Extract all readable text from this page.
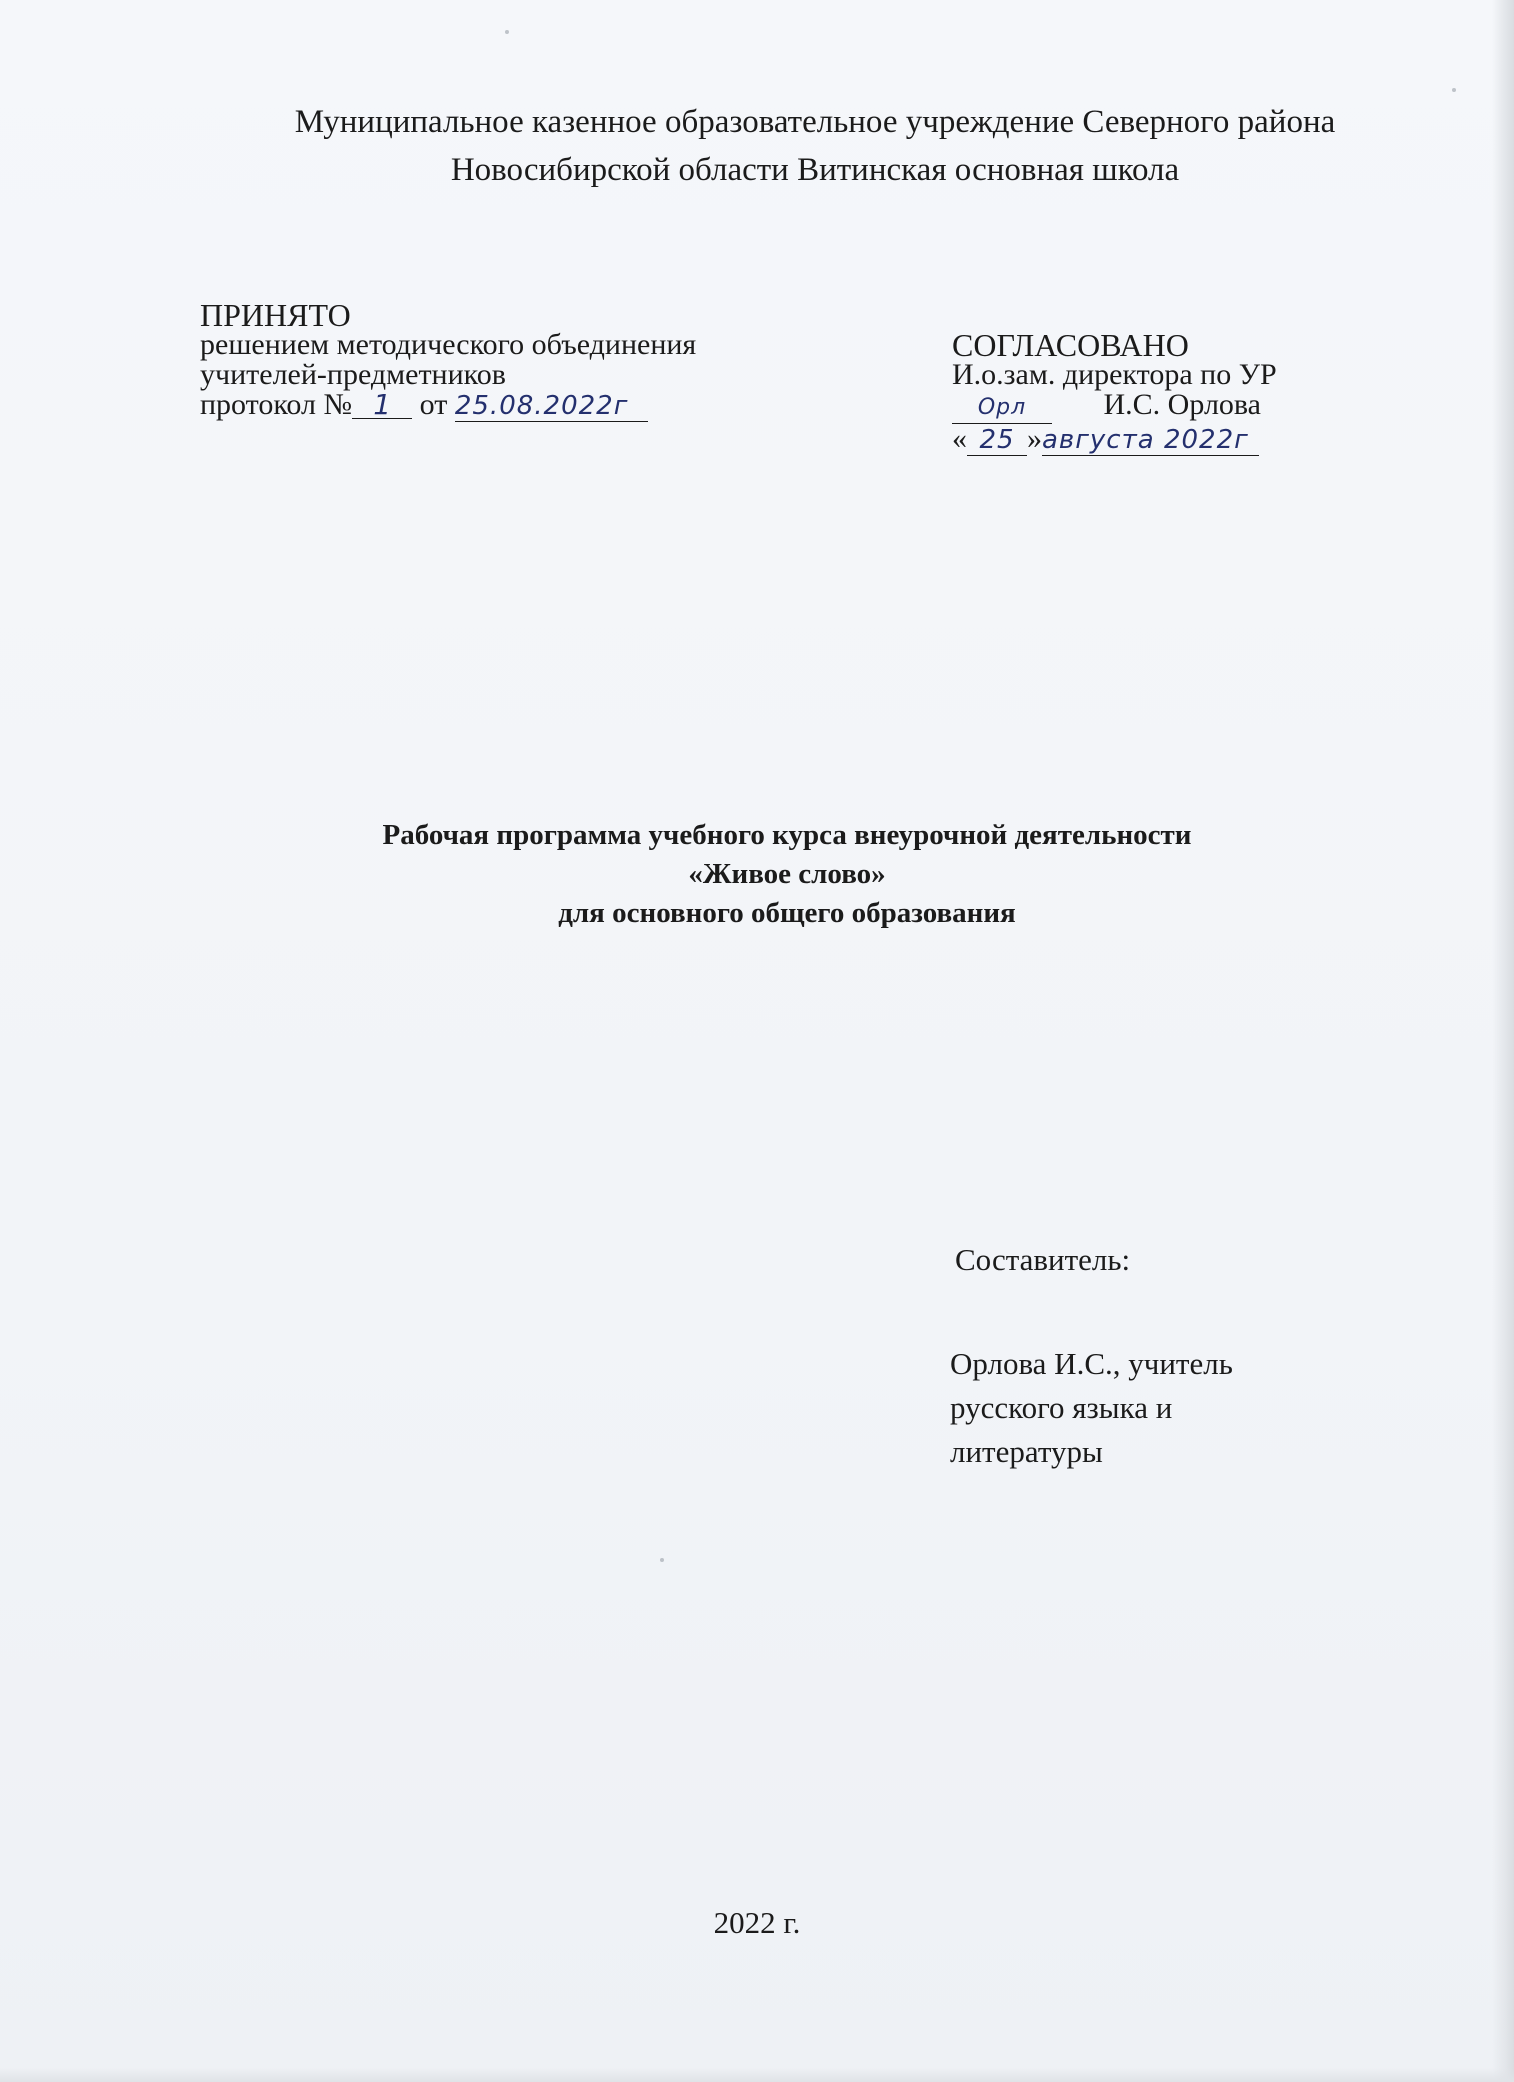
Муниципальное казенное образовательное учреждение Северного района
Новосибирской области Витинская основная школа
ПРИНЯТО
решением методического объединения
учителей-предметников
протокол № 1 от 25.08.2022г
СОГЛАСОВАНО
И.о.зам. директора по УР
Орл	И.С. Орлова
« 25 »августа 2022г
Рабочая программа учебного курса внеурочной деятельности
«Живое слово»
для основного общего образования
Составитель:
Орлова И.С., учитель
русского языка и
литературы
2022 г.
